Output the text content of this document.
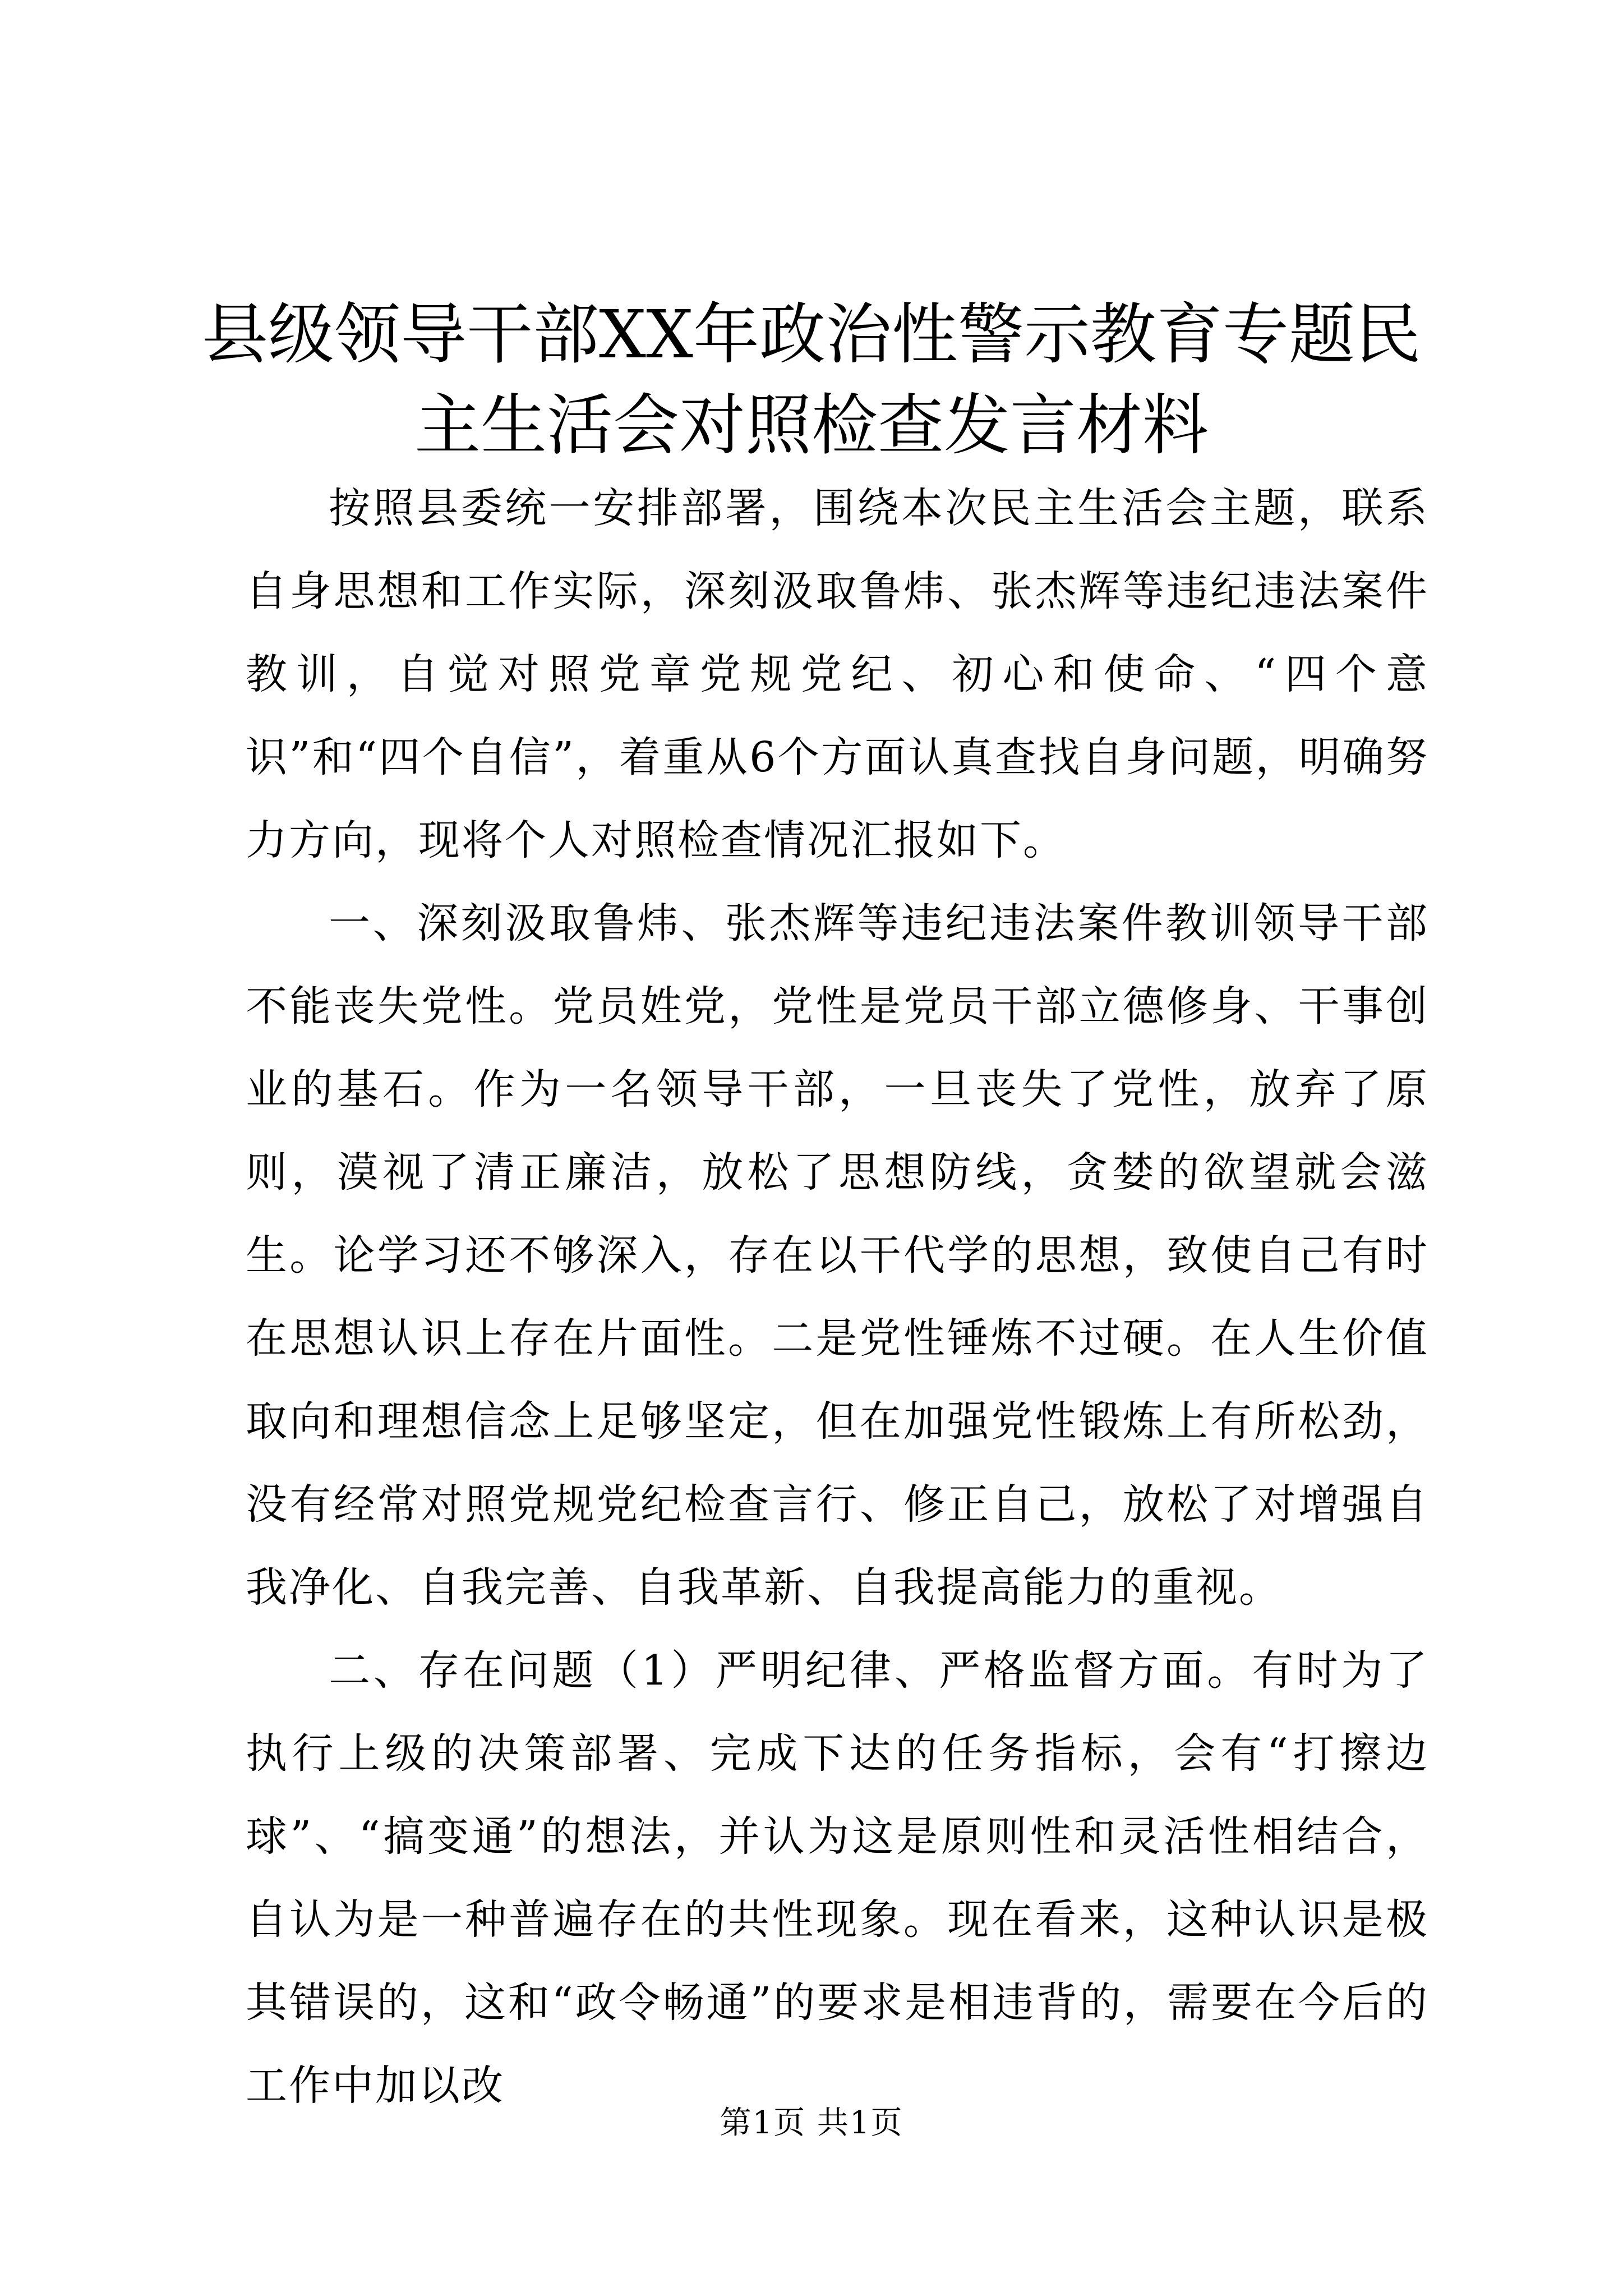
县级领导干部XX年政治性警示教育专题民主生活会对照检查发言材料

按照县委统一安排部署，围绕本次民主生活会主题，联系自身思想和工作实际，深刻汲取鲁炜、张杰辉等违纪违法案件教训，自觉对照党章党规党纪、初心和使命、“四个意识”和“四个自信”，着重从6个方面认真查找自身问题，明确努力方向，现将个人对照检查情况汇报如下。

一、深刻汲取鲁炜、张杰辉等违纪违法案件教训领导干部不能丧失党性。党员姓党，党性是党员干部立德修身、干事创业的基石。作为一名领导干部，一旦丧失了党性，放弃了原则，漠视了清正廉洁，放松了思想防线，贪婪的欲望就会滋生。论学习还不够深入，存在以干代学的思想，致使自己有时在思想认识上存在片面性。二是党性锤炼不过硬。在人生价值取向和理想信念上足够坚定，但在加强党性锻炼上有所松劲，没有经常对照党规党纪检查言行、修正自己，放松了对增强自我净化、自我完善、自我革新、自我提高能力的重视。

二、存在问题（1）严明纪律、严格监督方面。有时为了执行上级的决策部署、完成下达的任务指标，会有“打擦边球”、“搞变通”的想法，并认为这是原则性和灵活性相结合，自认为是一种普遍存在的共性现象。现在看来，这种认识是极其错误的，这和“政令畅通”的要求是相违背的，需要在今后的工作中加以改

第1页 共1页
